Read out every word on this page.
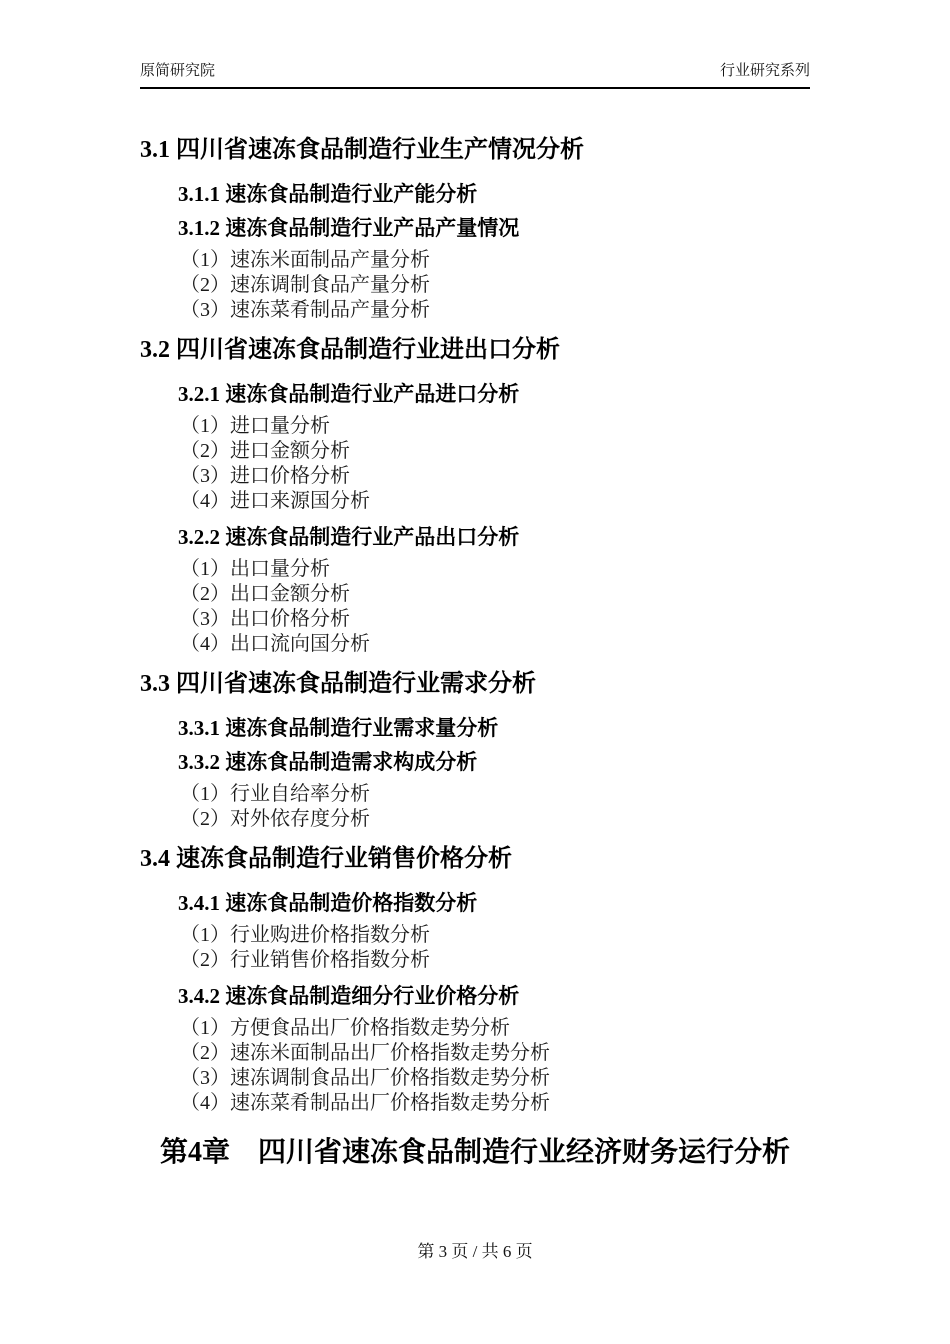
原简研究院	行业研究系列
3.1 四川省速冻食品制造行业生产情况分析
3.1.1 速冻食品制造行业产能分析
3.1.2 速冻食品制造行业产品产量情况
（1）速冻米面制品产量分析
（2）速冻调制食品产量分析
（3）速冻菜肴制品产量分析
3.2 四川省速冻食品制造行业进出口分析
3.2.1 速冻食品制造行业产品进口分析
（1）进口量分析
（2）进口金额分析
（3）进口价格分析
（4）进口来源国分析
3.2.2 速冻食品制造行业产品出口分析
（1）出口量分析
（2）出口金额分析
（3）出口价格分析
（4）出口流向国分析
3.3 四川省速冻食品制造行业需求分析
3.3.1 速冻食品制造行业需求量分析
3.3.2 速冻食品制造需求构成分析
（1）行业自给率分析
（2）对外依存度分析
3.4 速冻食品制造行业销售价格分析
3.4.1 速冻食品制造价格指数分析
（1）行业购进价格指数分析
（2）行业销售价格指数分析
3.4.2 速冻食品制造细分行业价格分析
（1）方便食品出厂价格指数走势分析
（2）速冻米面制品出厂价格指数走势分析
（3）速冻调制食品出厂价格指数走势分析
（4）速冻菜肴制品出厂价格指数走势分析
第4章　四川省速冻食品制造行业经济财务运行分析
第 3 页 / 共 6 页
